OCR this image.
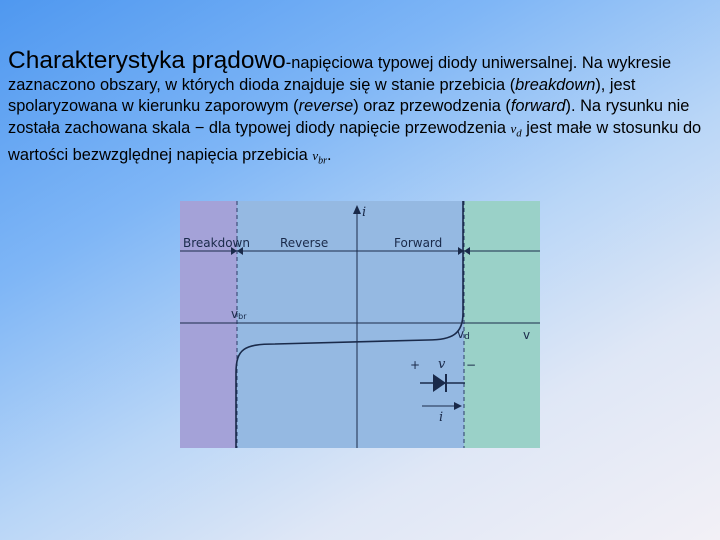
Charakterystyka prądowo-napięciowa typowej diody uniwersalnej. Na wykresie zaznaczono obszary, w których dioda znajduje się w stanie przebicia (breakdown), jest spolaryzowana w kierunku zaporowym (reverse) oraz przewodzenia (forward). Na rysunku nie została zachowana skala − dla typowej diody napięcie przewodzenia $v_d$ jest małe w stosunku do wartości bezwzględnej napięcia przebicia $v_{br}$.
Breakdown	Reverse	Forward
i
v
vbr
vd
+ v −
i
